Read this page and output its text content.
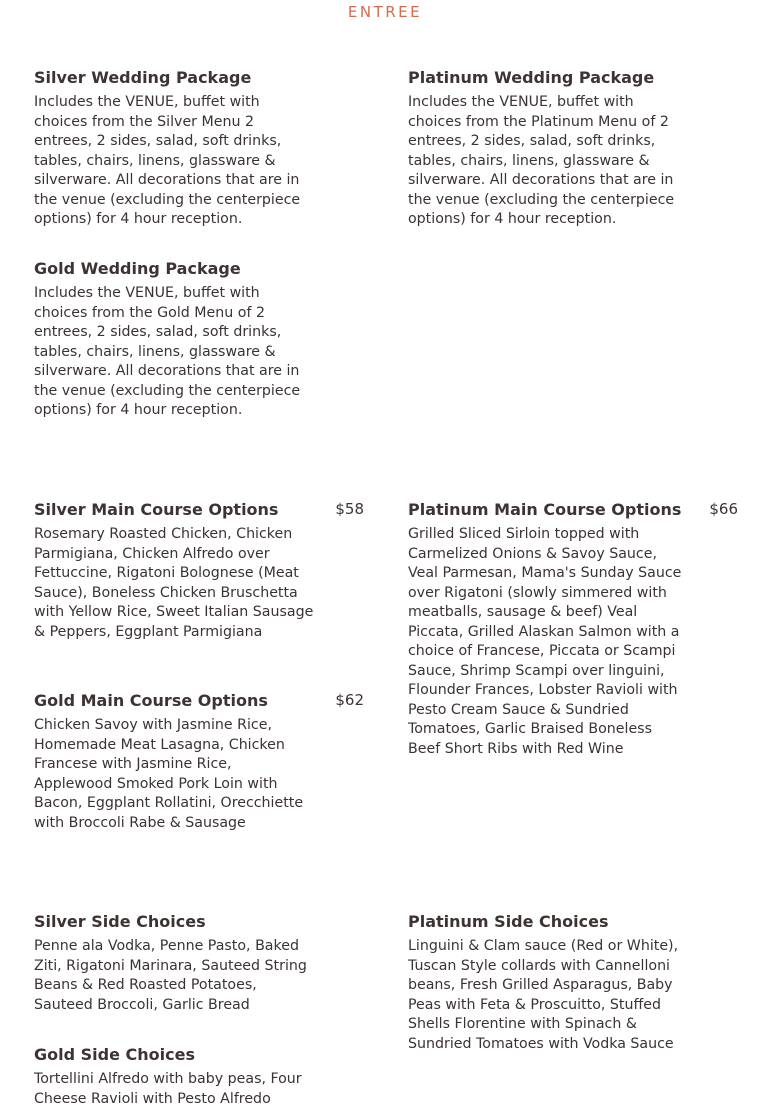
ENTREE
Silver Wedding Package
Includes the VENUE, buffet with choices from the Silver Menu 2 entrees, 2 sides, salad, soft drinks, tables, chairs, linens, glassware & silverware. All decorations that are in the venue (excluding the centerpiece options) for 4 hour reception.
Platinum Wedding Package
Includes the VENUE, buffet with choices from the Platinum Menu of 2 entrees, 2 sides, salad, soft drinks, tables, chairs, linens, glassware & silverware. All decorations that are in the venue (excluding the centerpiece options) for 4 hour reception.
Gold Wedding Package
Includes the VENUE, buffet with choices from the Gold Menu of 2 entrees, 2 sides, salad, soft drinks, tables, chairs, linens, glassware & silverware. All decorations that are in the venue (excluding the centerpiece options) for 4 hour reception.
Silver Main Course Options	$58
Rosemary Roasted Chicken, Chicken Parmigiana, Chicken Alfredo over Fettuccine, Rigatoni Bolognese (Meat Sauce), Boneless Chicken Bruschetta with Yellow Rice, Sweet Italian Sausage & Peppers, Eggplant Parmigiana
Platinum Main Course Options $66
Grilled Sliced Sirloin topped with Carmelized Onions & Savoy Sauce, Veal Parmesan, Mama's Sunday Sauce over Rigatoni (slowly simmered with meatballs, sausage & beef) Veal Piccata, Grilled Alaskan Salmon with a choice of Francese, Piccata or Scampi Sauce, Shrimp Scampi over linguini, Flounder Frances, Lobster Ravioli with Pesto Cream Sauce & Sundried Tomatoes, Garlic Braised Boneless Beef Short Ribs with Red Wine
Gold Main Course Options	$62
Chicken Savoy with Jasmine Rice, Homemade Meat Lasagna, Chicken Francese with Jasmine Rice, Applewood Smoked Pork Loin with Bacon, Eggplant Rollatini, Orecchiette with Broccoli Rabe & Sausage
Silver Side Choices
Penne ala Vodka, Penne Pasto, Baked Ziti, Rigatoni Marinara, Sauteed String Beans & Red Roasted Potatoes, Sauteed Broccoli, Garlic Bread
Platinum Side Choices
Linguini & Clam sauce (Red or White), Tuscan Style collards with Cannelloni beans, Fresh Grilled Asparagus, Baby Peas with Feta & Proscuitto, Stuffed Shells Florentine with Spinach & Sundried Tomatoes with Vodka Sauce
Gold Side Choices
Tortellini Alfredo with baby peas, Four Cheese Ravioli with Pesto Alfredo
